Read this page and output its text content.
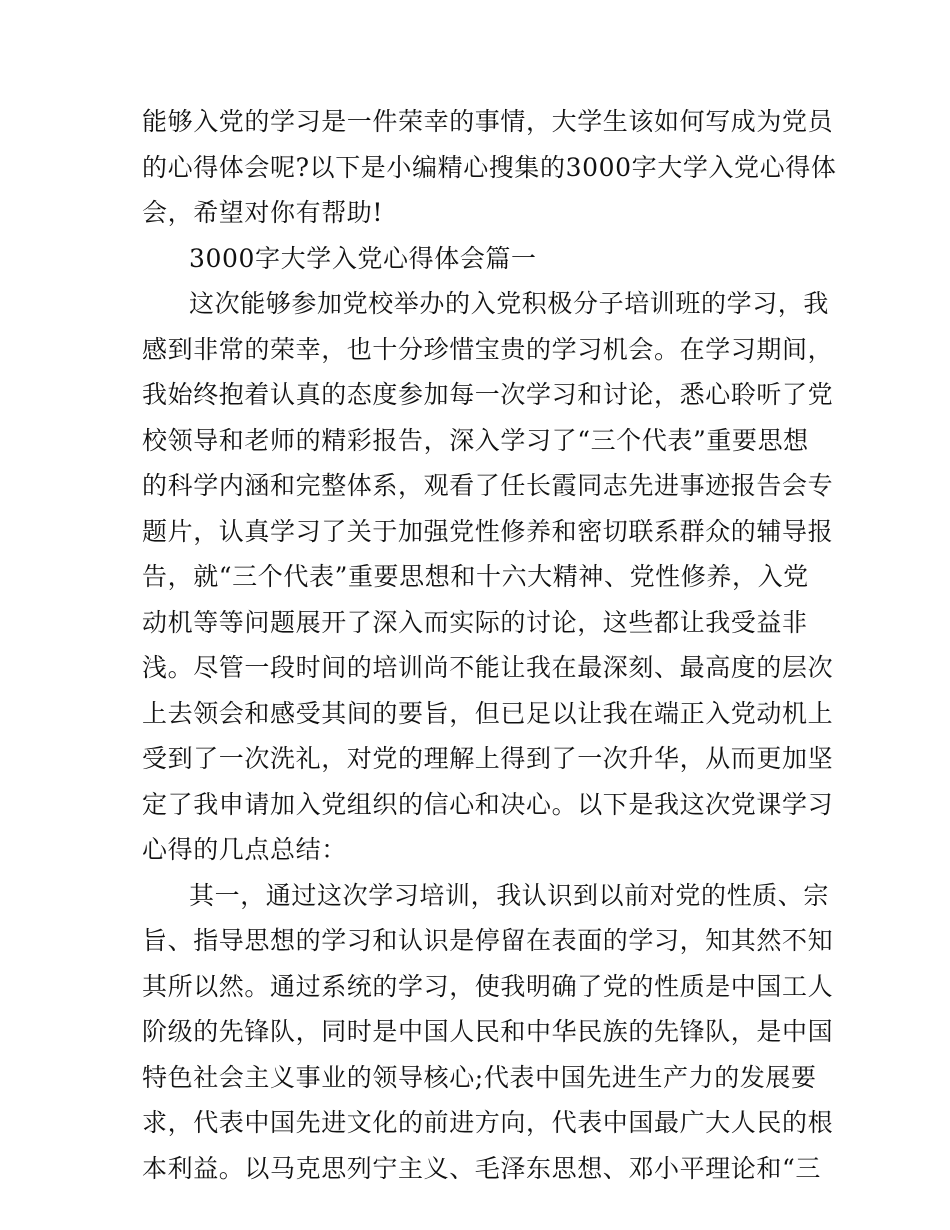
能够入党的学习是一件荣幸的事情，大学生该如何写成为党员
的心得体会呢?以下是小编精心搜集的3000字大学入党心得体
会，希望对你有帮助!
3000字大学入党心得体会篇一
这次能够参加党校举办的入党积极分子培训班的学习，我
感到非常的荣幸，也十分珍惜宝贵的学习机会。在学习期间，
我始终抱着认真的态度参加每一次学习和讨论，悉心聆听了党
校领导和老师的精彩报告，深入学习了“三个代表”重要思想
的科学内涵和完整体系，观看了任长霞同志先进事迹报告会专
题片，认真学习了关于加强党性修养和密切联系群众的辅导报
告，就“三个代表”重要思想和十六大精神、党性修养，入党
动机等等问题展开了深入而实际的讨论，这些都让我受益非
浅。尽管一段时间的培训尚不能让我在最深刻、最高度的层次
上去领会和感受其间的要旨，但已足以让我在端正入党动机上
受到了一次洗礼，对党的理解上得到了一次升华，从而更加坚
定了我申请加入党组织的信心和决心。以下是我这次党课学习
心得的几点总结：
其一，通过这次学习培训，我认识到以前对党的性质、宗
旨、指导思想的学习和认识是停留在表面的学习，知其然不知
其所以然。通过系统的学习，使我明确了党的性质是中国工人
阶级的先锋队，同时是中国人民和中华民族的先锋队，是中国
特色社会主义事业的领导核心;代表中国先进生产力的发展要
求，代表中国先进文化的前进方向，代表中国最广大人民的根
本利益。以马克思列宁主义、毛泽东思想、邓小平理论和“三
